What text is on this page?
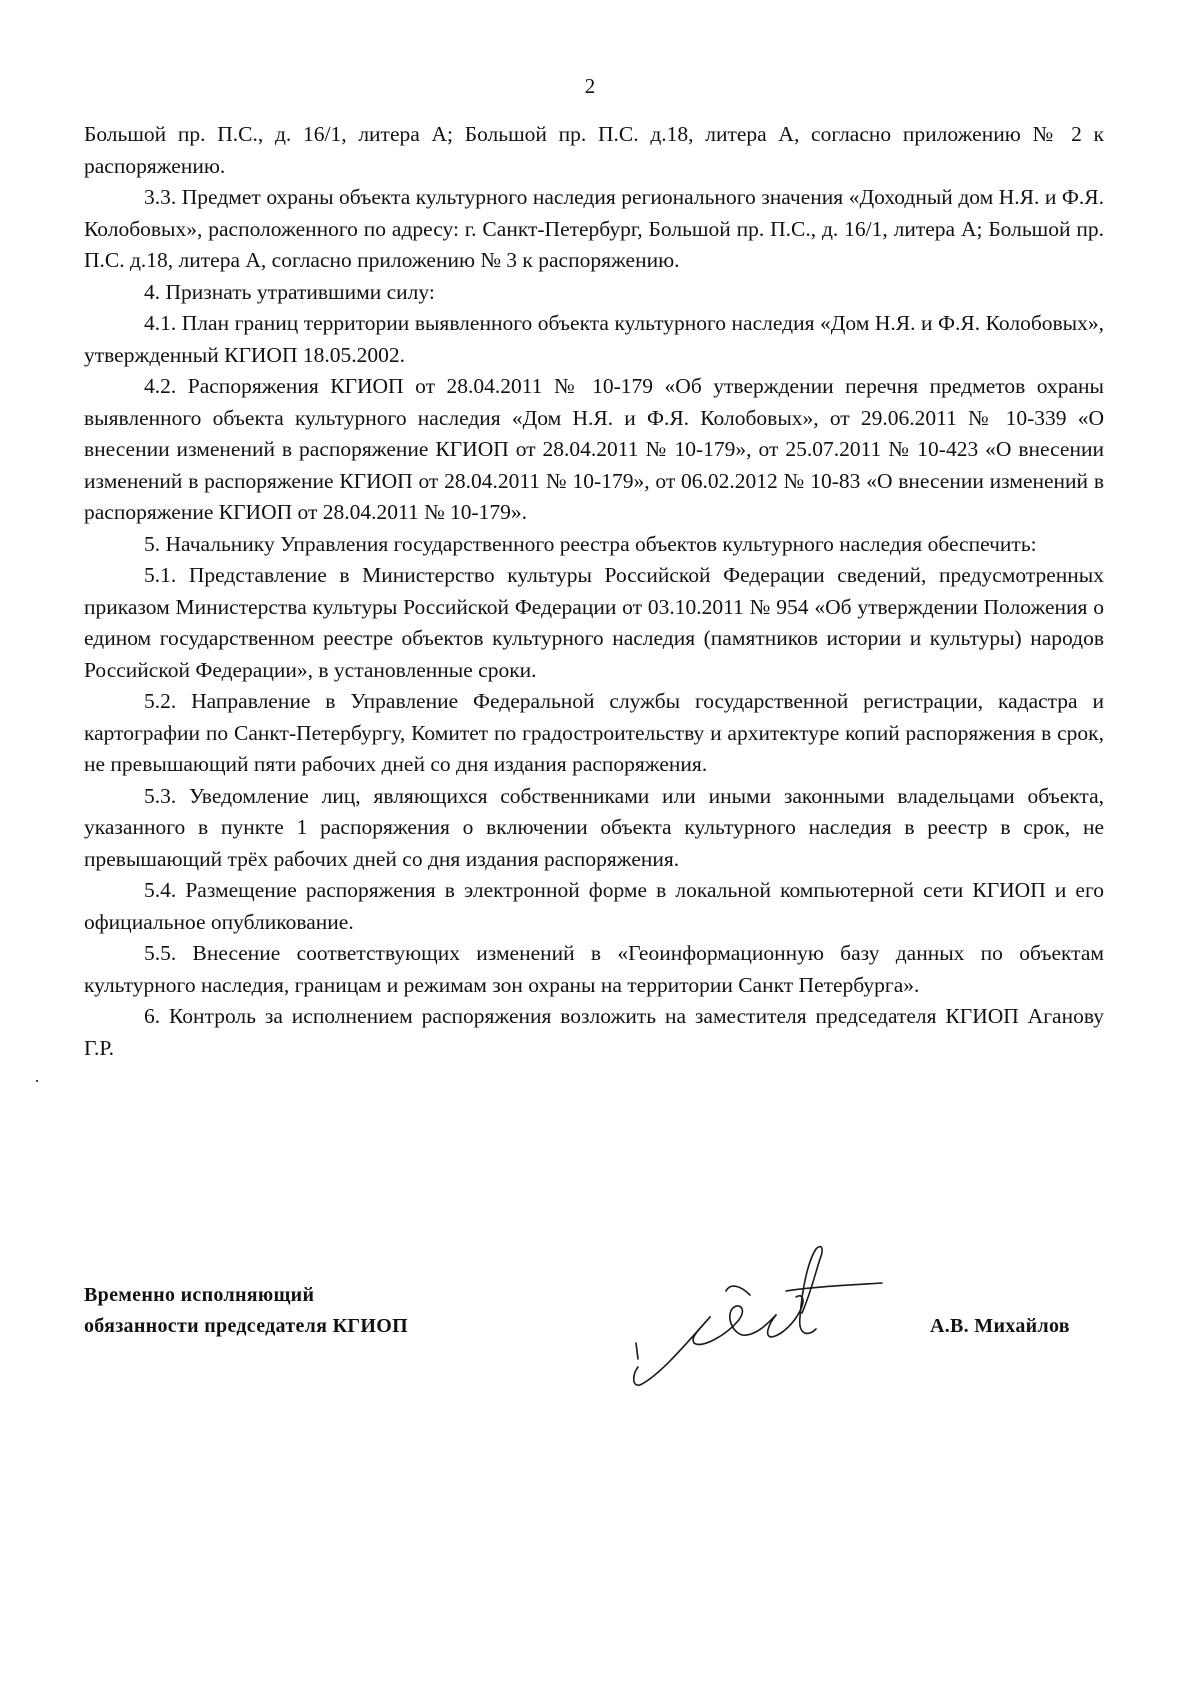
2

Большой пр. П.С., д. 16/1, литера А; Большой пр. П.С. д.18, литера А, согласно приложению № 2 к распоряжению.

3.3. Предмет охраны объекта культурного наследия регионального значения «Доходный дом Н.Я. и Ф.Я. Колобовых», расположенного по адресу: г. Санкт-Петербург, Большой пр. П.С., д. 16/1, литера А; Большой пр. П.С. д.18, литера А, согласно приложению № 3 к распоряжению.

4. Признать утратившими силу:

4.1. План границ территории выявленного объекта культурного наследия «Дом Н.Я. и Ф.Я. Колобовых», утвержденный КГИОП 18.05.2002.

4.2. Распоряжения КГИОП от 28.04.2011 № 10-179 «Об утверждении перечня предметов охраны выявленного объекта культурного наследия «Дом Н.Я. и Ф.Я. Колобовых», от 29.06.2011 № 10-339 «О внесении изменений в распоряжение КГИОП от 28.04.2011 № 10-179», от 25.07.2011 № 10-423 «О внесении изменений в распоряжение КГИОП от 28.04.2011 № 10-179», от 06.02.2012 № 10-83 «О внесении изменений в распоряжение КГИОП от 28.04.2011 № 10-179».

5. Начальнику Управления государственного реестра объектов культурного наследия обеспечить:

5.1. Представление в Министерство культуры Российской Федерации сведений, предусмотренных приказом Министерства культуры Российской Федерации от 03.10.2011 № 954 «Об утверждении Положения о едином государственном реестре объектов культурного наследия (памятников истории и культуры) народов Российской Федерации», в установленные сроки.

5.2. Направление в Управление Федеральной службы государственной регистрации, кадастра и картографии по Санкт-Петербургу, Комитет по градостроительству и архитектуре копий распоряжения в срок, не превышающий пяти рабочих дней со дня издания распоряжения.

5.3. Уведомление лиц, являющихся собственниками или иными законными владельцами объекта, указанного в пункте 1 распоряжения о включении объекта культурного наследия в реестр в срок, не превышающий трёх рабочих дней со дня издания распоряжения.

5.4. Размещение распоряжения в электронной форме в локальной компьютерной сети КГИОП и его официальное опубликование.

5.5. Внесение соответствующих изменений в «Геоинформационную базу данных по объектам культурного наследия, границам и режимам зон охраны на территории Санкт Петербурга».

6. Контроль за исполнением распоряжения возложить на заместителя председателя КГИОП Аганову Г.Р.

Временно исполняющий
обязанности председателя КГИОП	А.В. Михайлов
